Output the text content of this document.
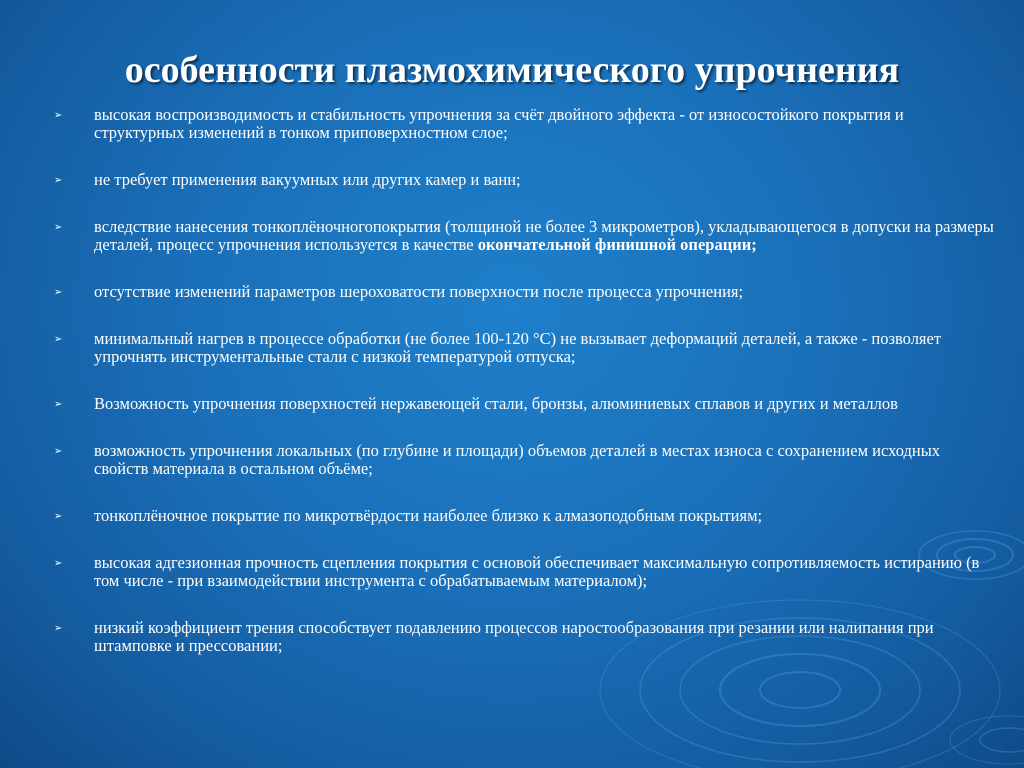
особенности плазмохимического упрочнения
➢ высокая воспроизводимость и стабильность упрочнения за счёт двойного эффекта - от износостойкого покрытия и структурных изменений в тонком приповерхностном слое;
➢ не требует применения вакуумных или других камер и ванн;
➢ вследствие нанесения тонкоплёночногопокрытия (толщиной не более 3 микрометров), укладывающегося в допуски на размеры деталей, процесс упрочнения используется в качестве окончательной финишной операции;
➢ отсутствие изменений параметров шероховатости поверхности после процесса упрочнения;
➢ минимальный нагрев в процессе обработки (не более 100-120 °С) не вызывает деформаций деталей, а также - позволяет упрочнять инструментальные стали с низкой температурой отпуска;
➢ Возможность упрочнения поверхностей нержавеющей стали, бронзы, алюминиевых сплавов и других и металлов
➢ возможность упрочнения локальных (по глубине и площади) объемов деталей в местах износа с сохранением исходных свойств материала в остальном объёме;
➢ тонкоплёночное покрытие по микротвёрдости наиболее близко к алмазоподобным покрытиям;
➢ высокая адгезионная прочность сцепления покрытия с основой обеспечивает максимальную сопротивляемость истиранию (в том числе - при взаимодействии инструмента с обрабатываемым материалом);
➢ низкий коэффициент трения способствует подавлению процессов наростообразования при резании или налипания при штамповке и прессовании;
